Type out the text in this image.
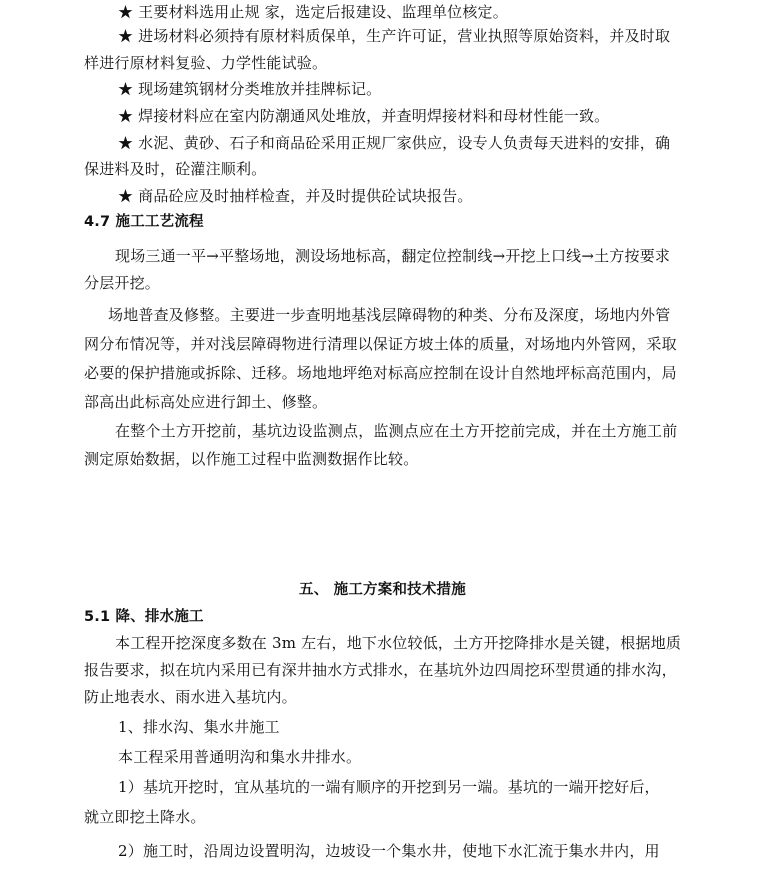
★ 王要材料选用止规 家，选定后报建设、监理单位核定。
★ 进场材料必须持有原材料质保单，生产许可证，营业执照等原始资料，并及时取
样进行原材料复验、力学性能试验。
★ 现场建筑钢材分类堆放并挂牌标记。
★ 焊接材料应在室内防潮通风处堆放，并查明焊接材料和母材性能一致。
★ 水泥、黄砂、石子和商品砼采用正规厂家供应，设专人负责每天进料的安排，确
保进料及时，砼灌注顺利。
★ 商品砼应及时抽样检查，并及时提供砼试块报告。
4.7 施工工艺流程
现场三通一平→平整场地，测设场地标高，翻定位控制线→开挖上口线→土方按要求
分层开挖。
场地普查及修整。主要进一步查明地基浅层障碍物的种类、分布及深度，场地内外管
网分布情况等，并对浅层障碍物进行清理以保证方坡土体的质量，对场地内外管网，采取
必要的保护措施或拆除、迁移。场地地坪绝对标高应控制在设计自然地坪标高范围内，局
部高出此标高处应进行卸土、修整。
在整个土方开挖前，基坑边设监测点，监测点应在土方开挖前完成，并在土方施工前
测定原始数据，以作施工过程中监测数据作比较。
五、 施工方案和技术措施
5.1 降、排水施工
本工程开挖深度多数在 3m 左右，地下水位较低，土方开挖降排水是关键，根据地质
报告要求，拟在坑内采用已有深井抽水方式排水，在基坑外边四周挖环型贯通的排水沟，
防止地表水、雨水进入基坑内。
1、排水沟、集水井施工
本工程采用普通明沟和集水井排水。
1）基坑开挖时，宜从基坑的一端有顺序的开挖到另一端。基坑的一端开挖好后，
就立即挖土降水。
2）施工时，沿周边设置明沟，边坡设一个集水井，使地下水汇流于集水井内，用
